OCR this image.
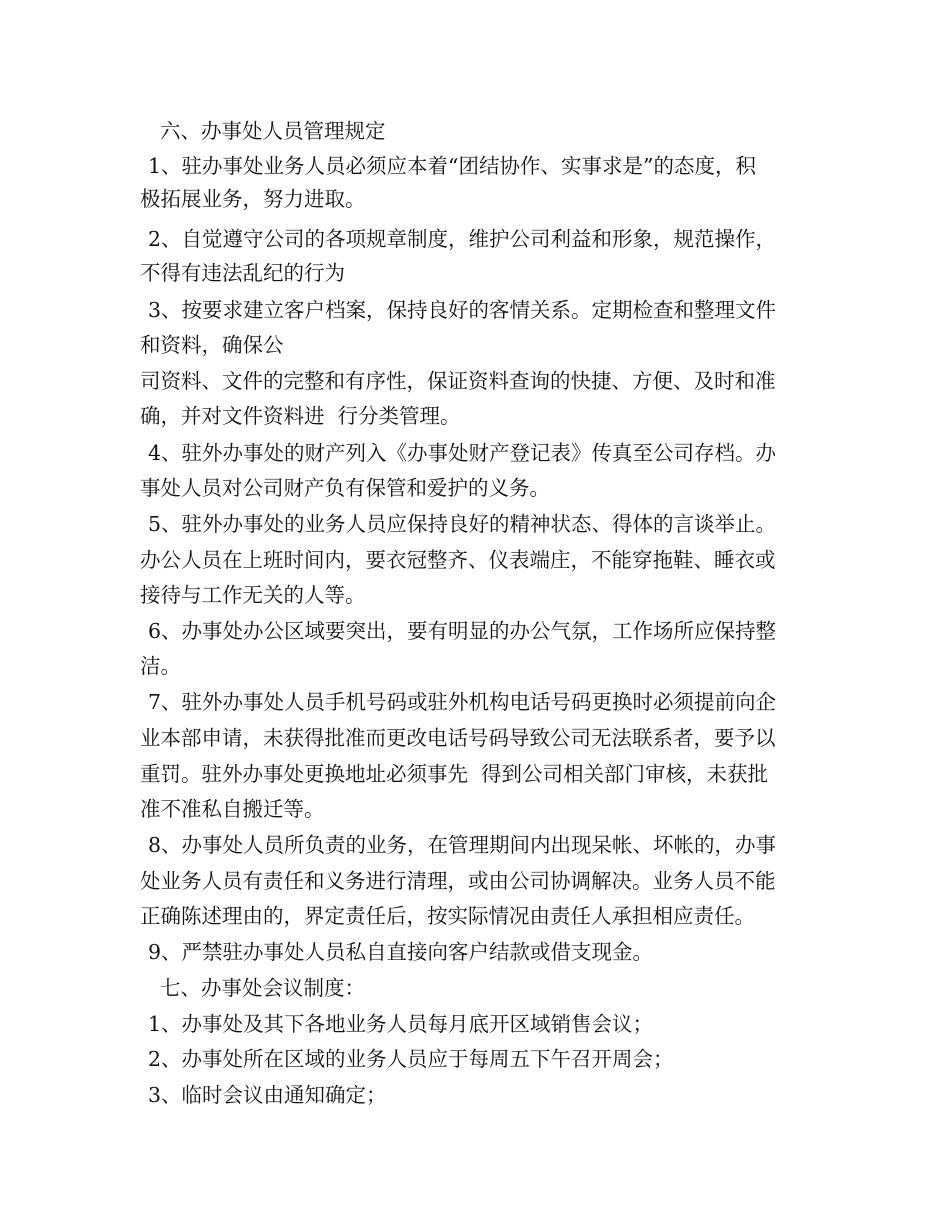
六、办事处人员管理规定
1、驻办事处业务人员必须应本着“团结协作、实事求是”的态度，积
极拓展业务，努力进取。
2、自觉遵守公司的各项规章制度，维护公司利益和形象，规范操作，
不得有违法乱纪的行为
3、按要求建立客户档案，保持良好的客情关系。定期检查和整理文件
和资料，确保公
司资料、文件的完整和有序性，保证资料查询的快捷、方便、及时和准
确，并对文件资料进  行分类管理。
4、驻外办事处的财产列入《办事处财产登记表》传真至公司存档。办
事处人员对公司财产负有保管和爱护的义务。
5、驻外办事处的业务人员应保持良好的精神状态、得体的言谈举止。
办公人员在上班时间内，要衣冠整齐、仪表端庄，不能穿拖鞋、睡衣或
接待与工作无关的人等。
6、办事处办公区域要突出，要有明显的办公气氛，工作场所应保持整
洁。
7、驻外办事处人员手机号码或驻外机构电话号码更换时必须提前向企
业本部申请，未获得批准而更改电话号码导致公司无法联系者，要予以
重罚。驻外办事处更换地址必须事先  得到公司相关部门审核，未获批
准不准私自搬迁等。
8、办事处人员所负责的业务，在管理期间内出现呆帐、坏帐的，办事
处业务人员有责任和义务进行清理，或由公司协调解决。业务人员不能
正确陈述理由的，界定责任后，按实际情况由责任人承担相应责任。
9、严禁驻办事处人员私自直接向客户结款或借支现金。
七、办事处会议制度：
1、办事处及其下各地业务人员每月底开区域销售会议；
2、办事处所在区域的业务人员应于每周五下午召开周会；
3、临时会议由通知确定；
